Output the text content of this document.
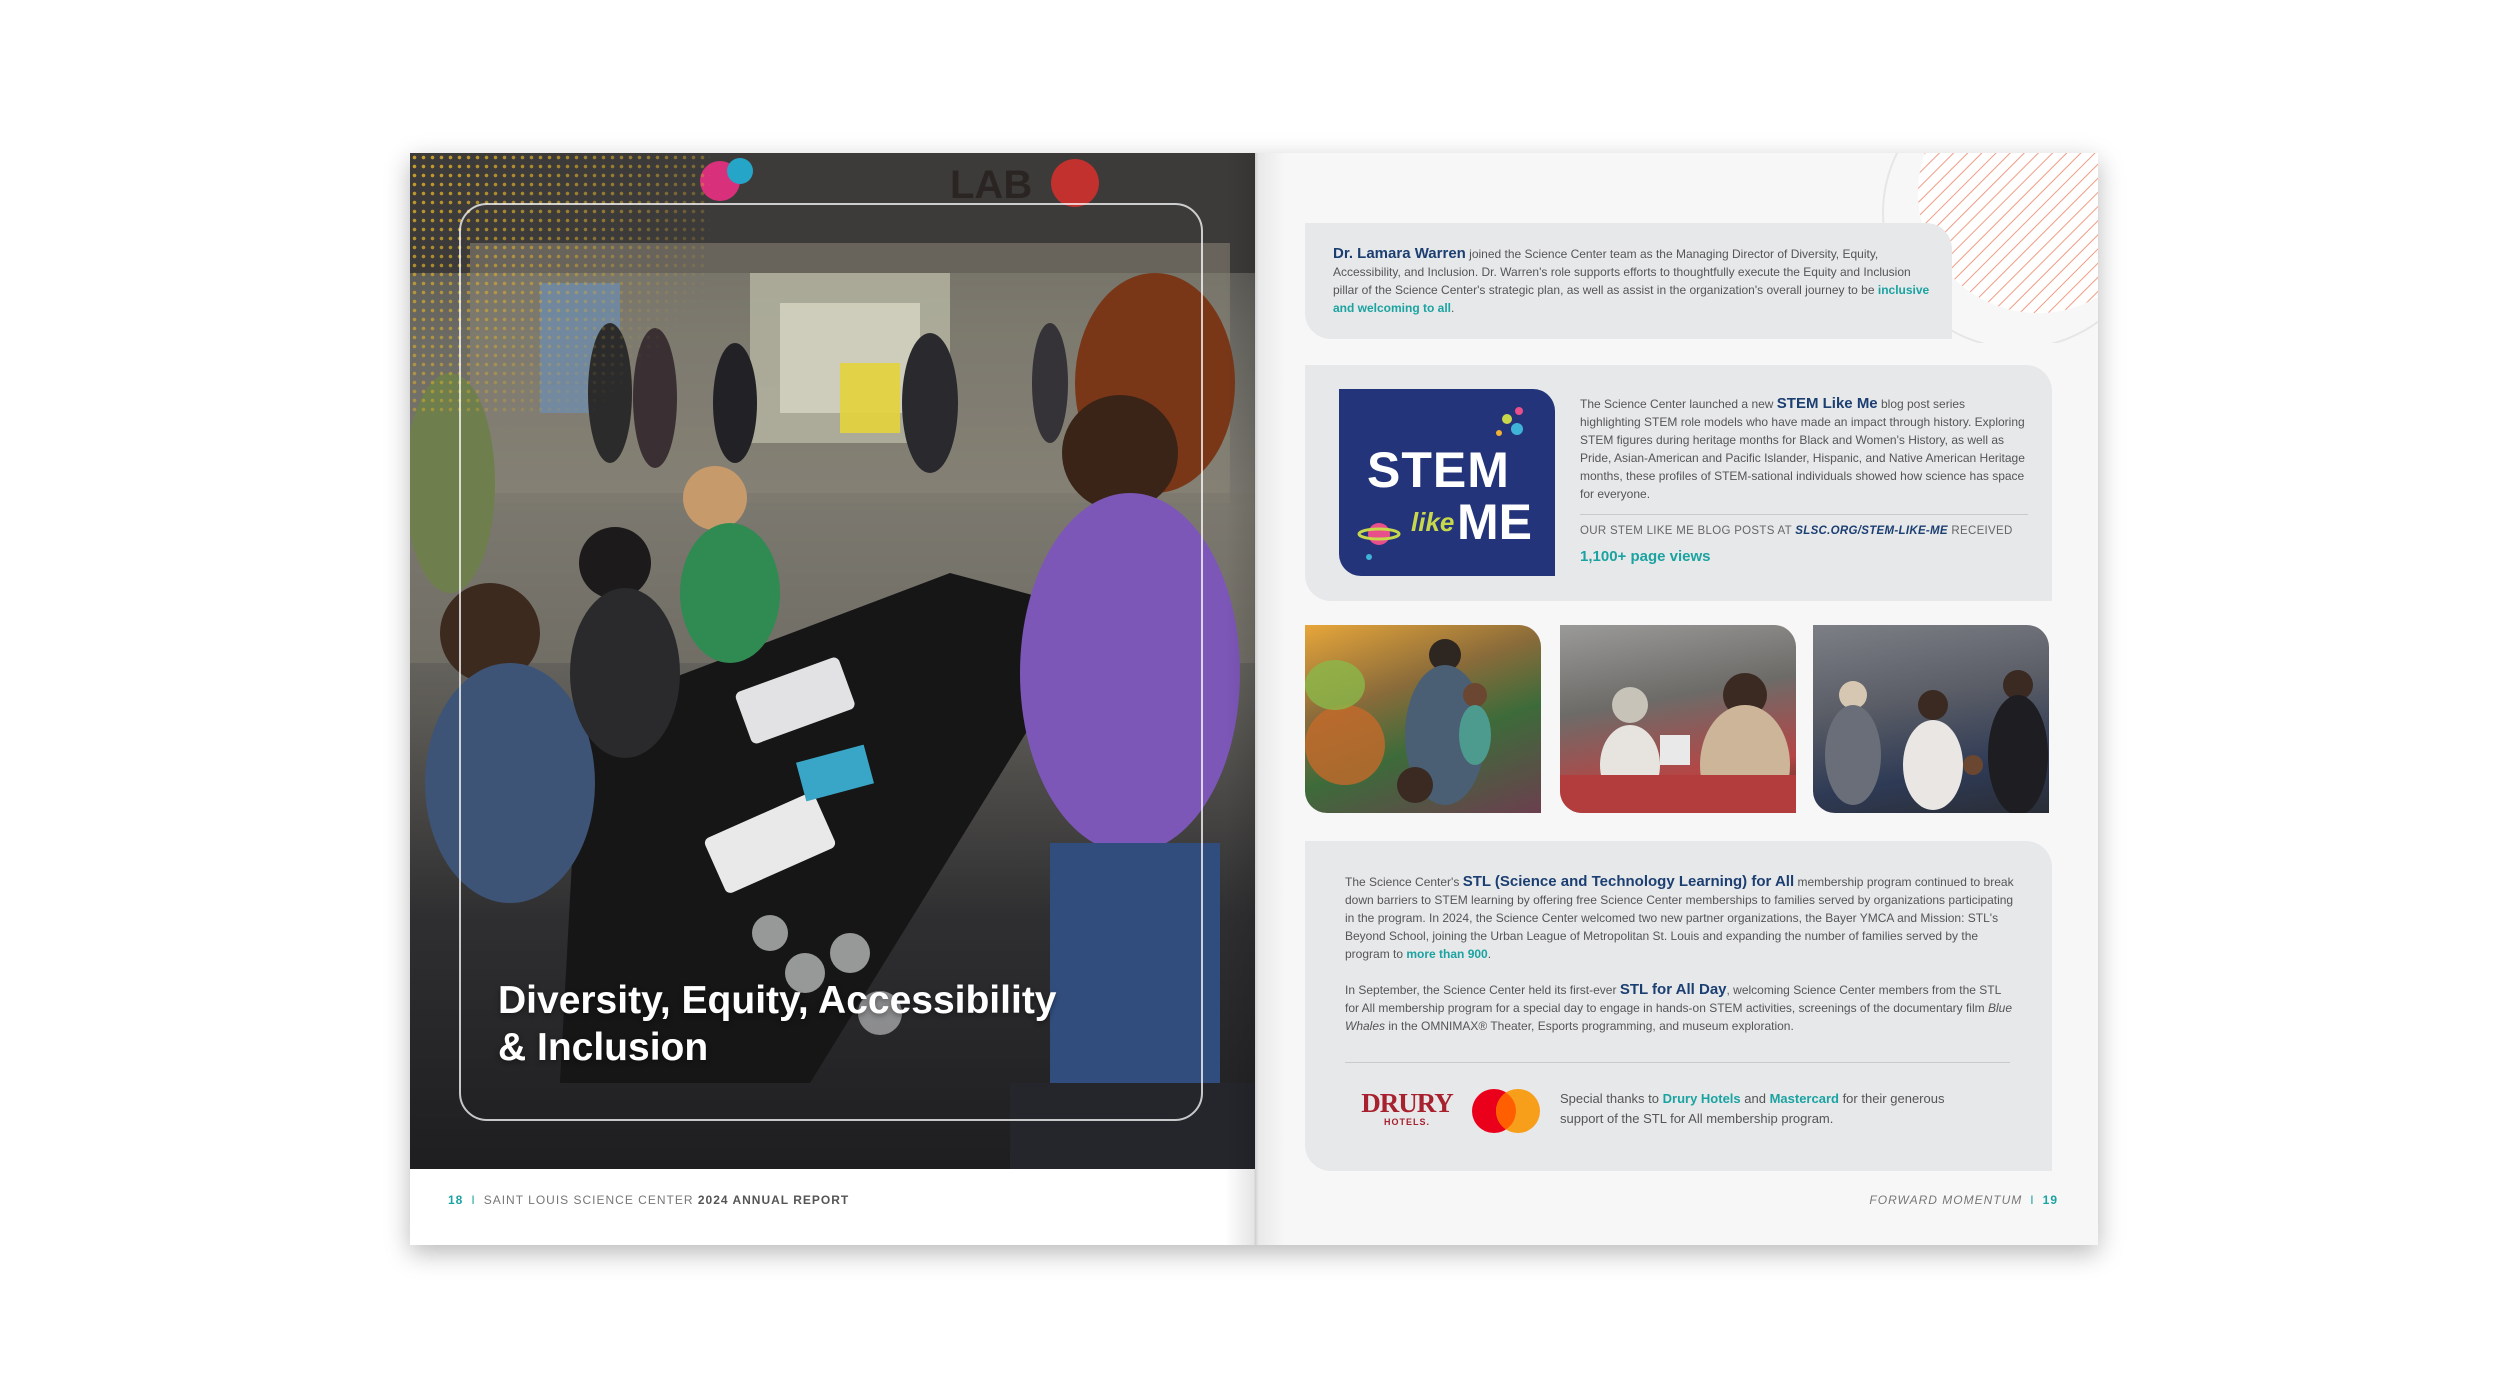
LAB
Diversity, Equity, Accessibility & Inclusion
18 I SAINT LOUIS SCIENCE CENTER 2024 ANNUAL REPORT

Dr. Lamara Warren joined the Science Center team as the Managing Director of Diversity, Equity, Accessibility, and Inclusion. Dr. Warren's role supports efforts to thoughtfully execute the Equity and Inclusion pillar of the Science Center's strategic plan, as well as assist in the organization's overall journey to be inclusive and welcoming to all.

STEM
like ME
The Science Center launched a new STEM Like Me blog post series highlighting STEM role models who have made an impact through history. Exploring STEM figures during heritage months for Black and Women's History, as well as Pride, Asian-American and Pacific Islander, Hispanic, and Native American Heritage months, these profiles of STEM-sational individuals showed how science has space for everyone.
OUR STEM LIKE ME BLOG POSTS AT SLSC.ORG/STEM-LIKE-ME RECEIVED
1,100+ page views

The Science Center's STL (Science and Technology Learning) for All membership program continued to break down barriers to STEM learning by offering free Science Center memberships to families served by organizations participating in the program. In 2024, the Science Center welcomed two new partner organizations, the Bayer YMCA and Mission: STL's Beyond School, joining the Urban League of Metropolitan St. Louis and expanding the number of families served by the program to more than 900.

In September, the Science Center held its first-ever STL for All Day, welcoming Science Center members from the STL for All membership program for a special day to engage in hands-on STEM activities, screenings of the documentary film Blue Whales in the OMNIMAX® Theater, Esports programming, and museum exploration.

DRURY
HOTELS.
Special thanks to Drury Hotels and Mastercard for their generous support of the STL for All membership program.
FORWARD MOMENTUM I 19
